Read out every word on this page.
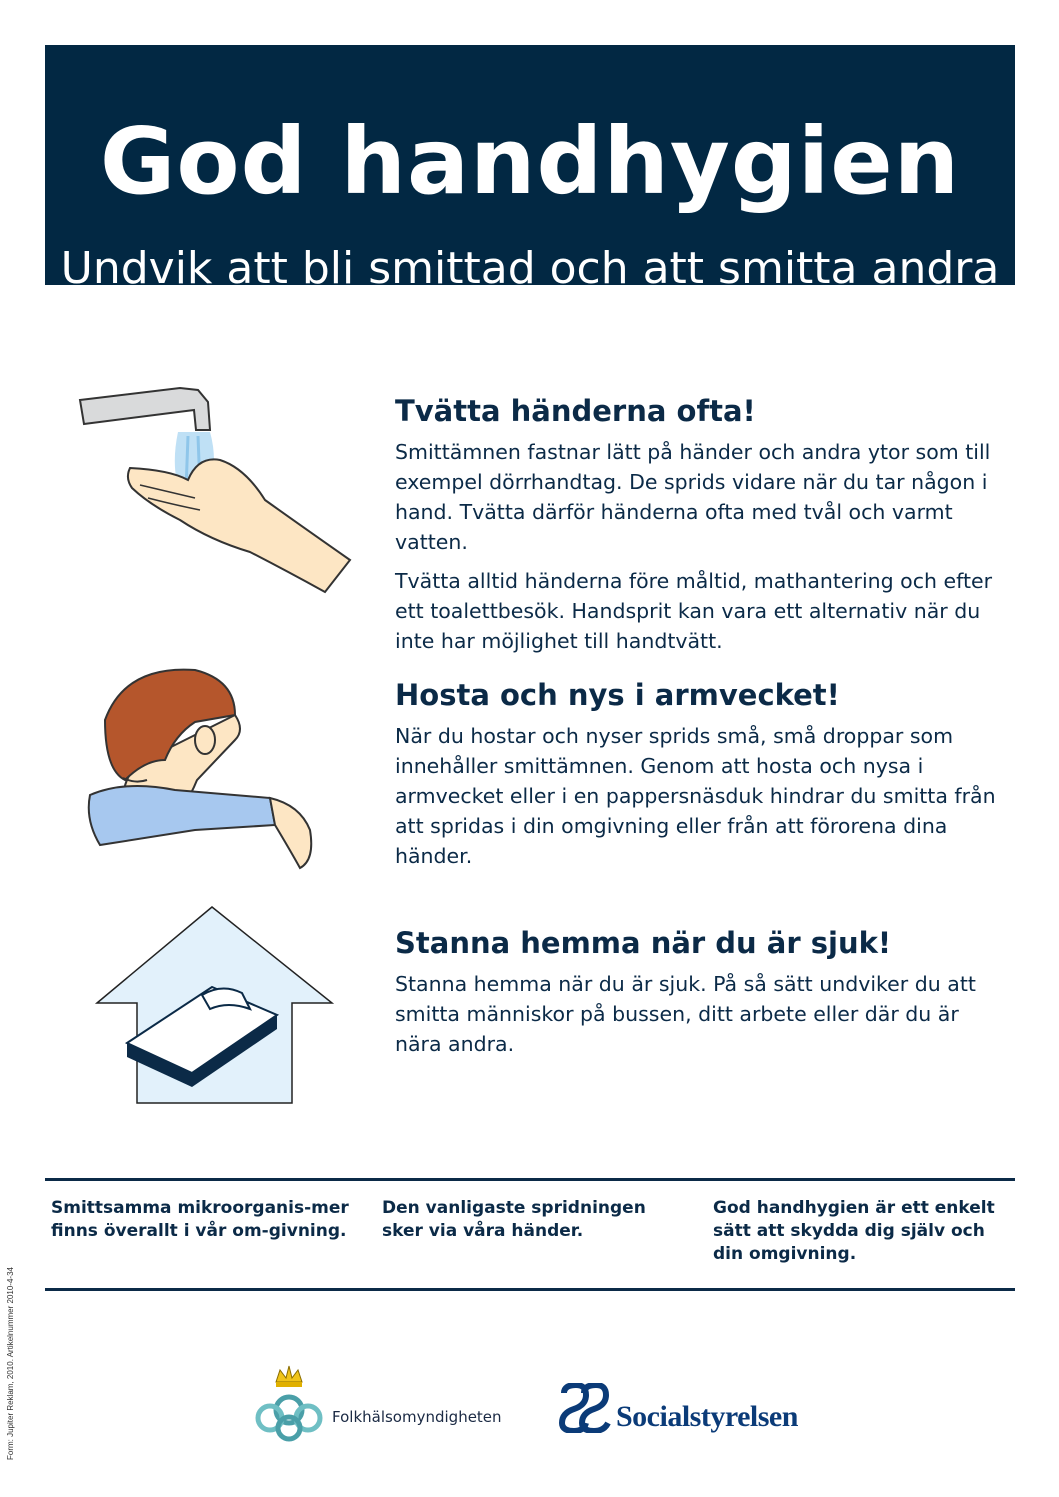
God handhygien
Undvik att bli smittad och att smitta andra
Tvätta händerna ofta!

Smittämnen fastnar lätt på händer och andra ytor som till exempel dörrhandtag. De sprids vidare när du tar någon i hand. Tvätta därför händerna ofta med tvål och varmt vatten.

Tvätta alltid händerna före måltid, mathantering och efter ett toalettbesök. Handsprit kan vara ett alternativ när du inte har möjlighet till handtvätt.

Hosta och nys i armvecket!

När du hostar och nyser sprids små, små droppar som innehåller smittämnen. Genom att hosta och nysa i armvecket eller i en pappersnäsduk hindrar du smitta från att spridas i din omgivning eller från att förorena dina händer.

Stanna hemma när du är sjuk!

Stanna hemma när du är sjuk. På så sätt undviker du att smitta människor på bussen, ditt arbete eller där du är nära andra.

Smittsamma mikroorganis-mer finns överallt i vår om-givning.
Den vanligaste spridningen sker via våra händer.
God handhygien är ett enkelt sätt att skydda dig själv och din omgivning.
Form: Jupiter Reklam, 2010. Artikelnummer 2010-4-34	Folkhälsomyndigheten	Socialstyrelsen
